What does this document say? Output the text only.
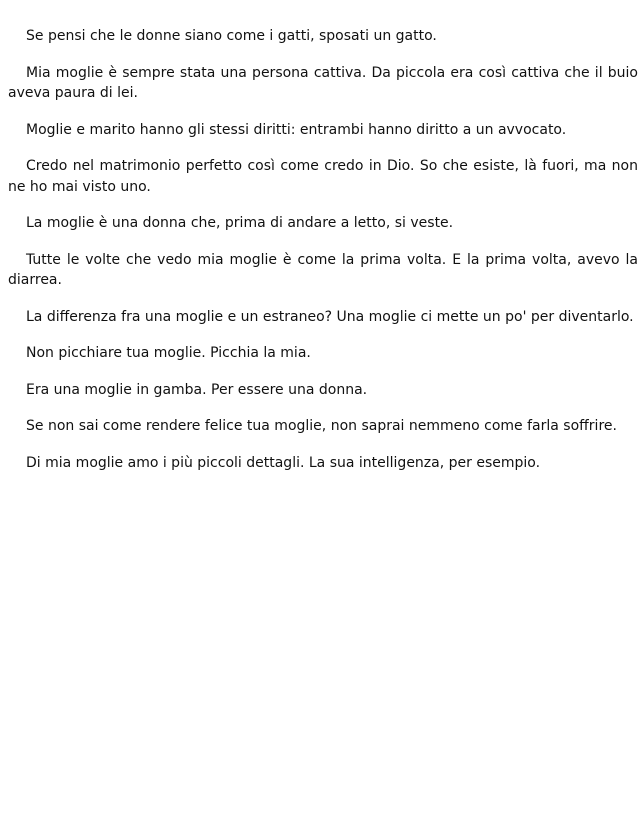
Se pensi che le donne siano come i gatti, sposati un gatto.

Mia moglie è sempre stata una persona cattiva. Da piccola era così cattiva che il buio aveva paura di lei.

Moglie e marito hanno gli stessi diritti: entrambi hanno diritto a un avvocato.

Credo nel matrimonio perfetto così come credo in Dio. So che esiste, là fuori, ma non ne ho mai visto uno.

La moglie è una donna che, prima di andare a letto, si veste.

Tutte le volte che vedo mia moglie è come la prima volta. E la prima volta, avevo la diarrea.

La differenza fra una moglie e un estraneo? Una moglie ci mette un po' per diventarlo.

Non picchiare tua moglie. Picchia la mia.

Era una moglie in gamba. Per essere una donna.

Se non sai come rendere felice tua moglie, non saprai nemmeno come farla soffrire.

Di mia moglie amo i più piccoli dettagli. La sua intelligenza, per esempio.
